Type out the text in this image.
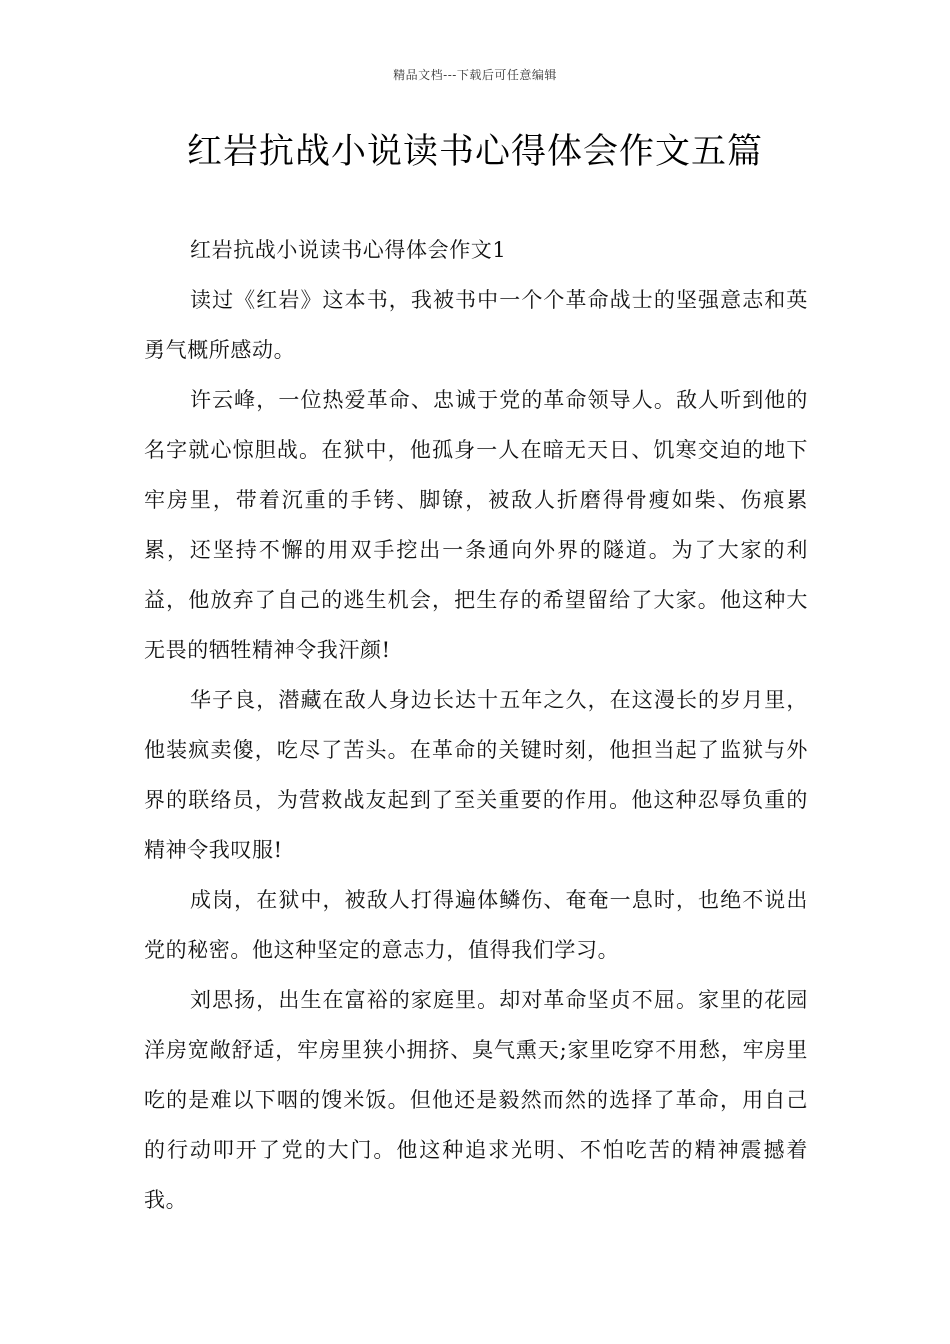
精品文档---下载后可任意编辑
红岩抗战小说读书心得体会作文五篇

红岩抗战小说读书心得体会作文1

读过《红岩》这本书，我被书中一个个革命战士的坚强意志和英勇气概所感动。

许云峰，一位热爱革命、忠诚于党的革命领导人。敌人听到他的名字就心惊胆战。在狱中，他孤身一人在暗无天日、饥寒交迫的地下牢房里，带着沉重的手铐、脚镣，被敌人折磨得骨瘦如柴、伤痕累累，还坚持不懈的用双手挖出一条通向外界的隧道。为了大家的利益，他放弃了自己的逃生机会，把生存的希望留给了大家。他这种大无畏的牺牲精神令我汗颜!

华子良，潜藏在敌人身边长达十五年之久，在这漫长的岁月里，他装疯卖傻，吃尽了苦头。在革命的关键时刻，他担当起了监狱与外界的联络员，为营救战友起到了至关重要的作用。他这种忍辱负重的精神令我叹服!

成岗，在狱中，被敌人打得遍体鳞伤、奄奄一息时，也绝不说出党的秘密。他这种坚定的意志力，值得我们学习。

刘思扬，出生在富裕的家庭里。却对革命坚贞不屈。家里的花园洋房宽敞舒适，牢房里狭小拥挤、臭气熏天;家里吃穿不用愁，牢房里吃的是难以下咽的馊米饭。但他还是毅然而然的选择了革命，用自己的行动叩开了党的大门。他这种追求光明、不怕吃苦的精神震撼着我。
